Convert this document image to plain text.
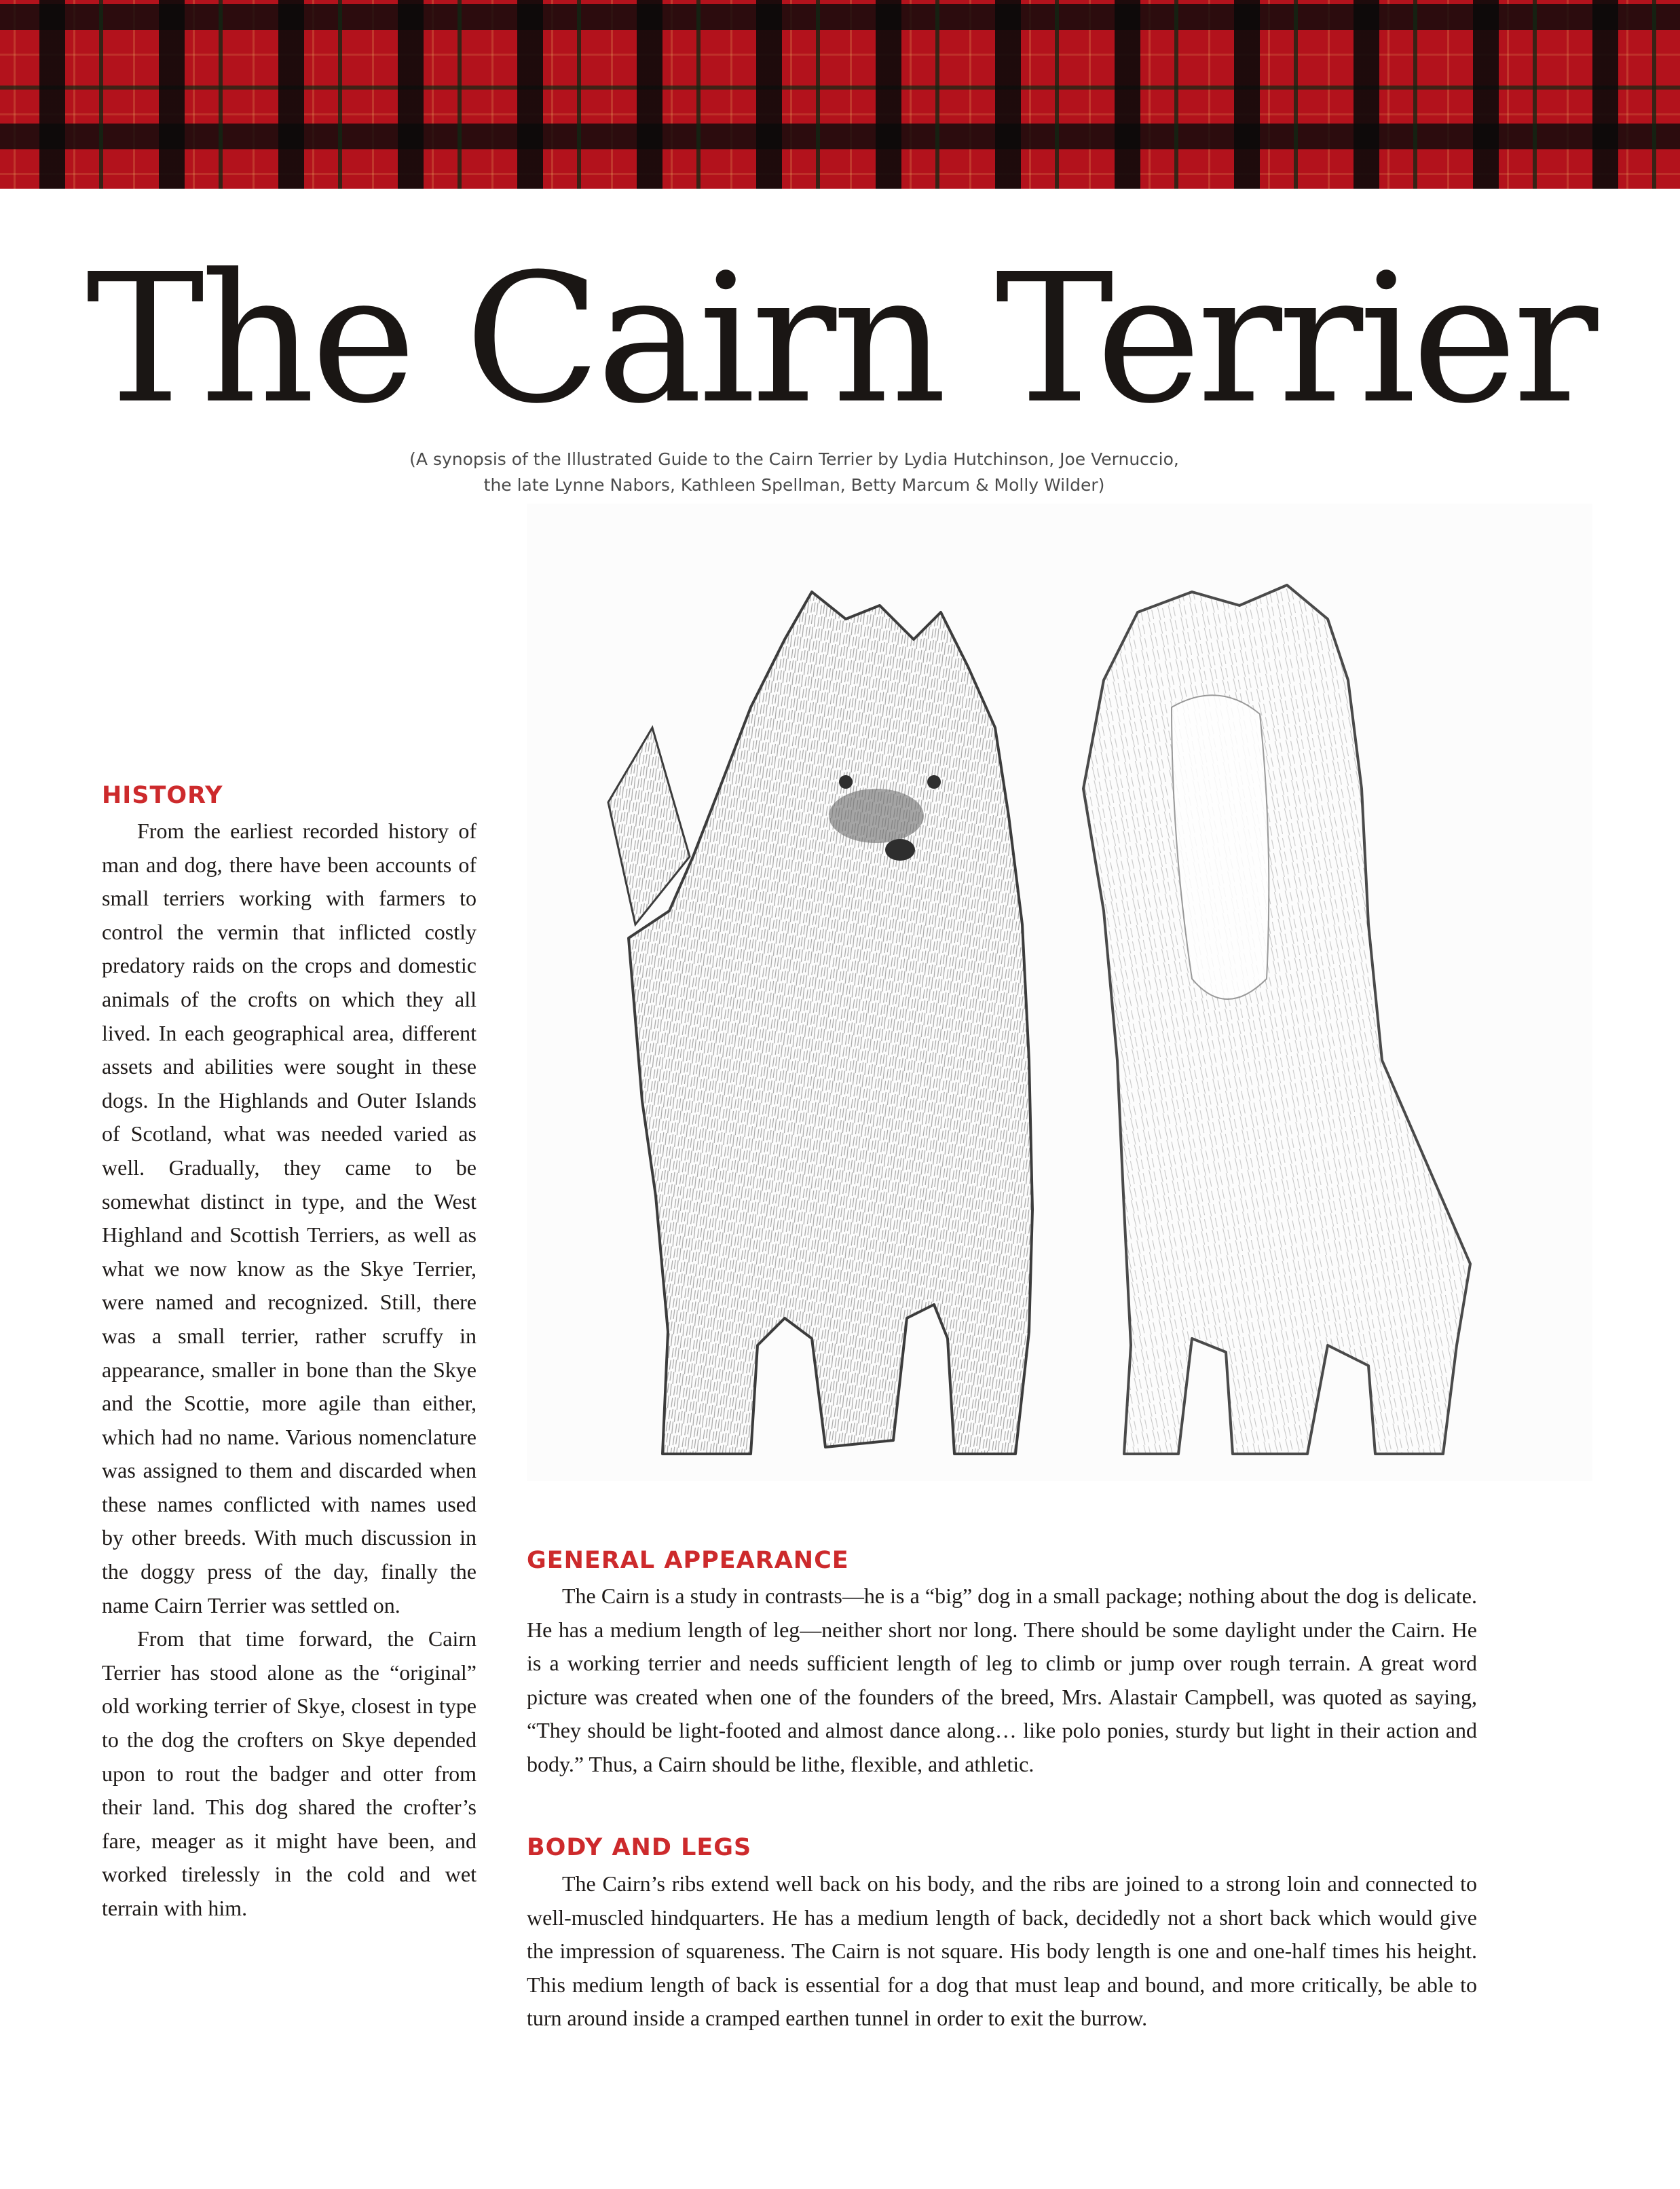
The Cairn Terrier
(A synopsis of the Illustrated Guide to the Cairn Terrier by Lydia Hutchinson, Joe Vernuccio,
the late Lynne Nabors, Kathleen Spellman, Betty Marcum & Molly Wilder)
HISTORY

From the earliest recorded history of man and dog, there have been accounts of small terriers working with farmers to control the vermin that inflicted costly predatory raids on the crops and domestic animals of the crofts on which they all lived. In each geographical area, different assets and abilities were sought in these dogs. In the Highlands and Outer Islands of Scotland, what was needed varied as well. Gradually, they came to be somewhat distinct in type, and the West Highland and Scottish Terriers, as well as what we now know as the Skye Terrier, were named and recognized. Still, there was a small terrier, rather scruffy in appearance, smaller in bone than the Skye and the Scottie, more agile than either, which had no name. Various nomenclature was assigned to them and discarded when these names conflicted with names used by other breeds. With much discussion in the doggy press of the day, finally the name Cairn Terrier was settled on.

From that time forward, the Cairn Terrier has stood alone as the “original” old working terrier of Skye, closest in type to the dog the crofters on Skye depended upon to rout the badger and otter from their land. This dog shared the crofter’s fare, meager as it might have been, and worked tirelessly in the cold and wet terrain with him.

GENERAL APPEARANCE

The Cairn is a study in contrasts—he is a “big” dog in a small package; nothing about the dog is delicate. He has a medium length of leg—neither short nor long. There should be some daylight under the Cairn. He is a working terrier and needs sufficient length of leg to climb or jump over rough terrain. A great word picture was created when one of the founders of the breed, Mrs. Alastair Campbell, was quoted as saying, “They should be light-footed and almost dance along… like polo ponies, sturdy but light in their action and body.” Thus, a Cairn should be lithe, flexible, and athletic.

BODY AND LEGS

The Cairn’s ribs extend well back on his body, and the ribs are joined to a strong loin and connected to well-muscled hindquarters. He has a medium length of back, decidedly not a short back which would give the impression of squareness. The Cairn is not square. His body length is one and one-half times his height. This medium length of back is essential for a dog that must leap and bound, and more critically, be able to turn around inside a cramped earthen tunnel in order to exit the burrow.
